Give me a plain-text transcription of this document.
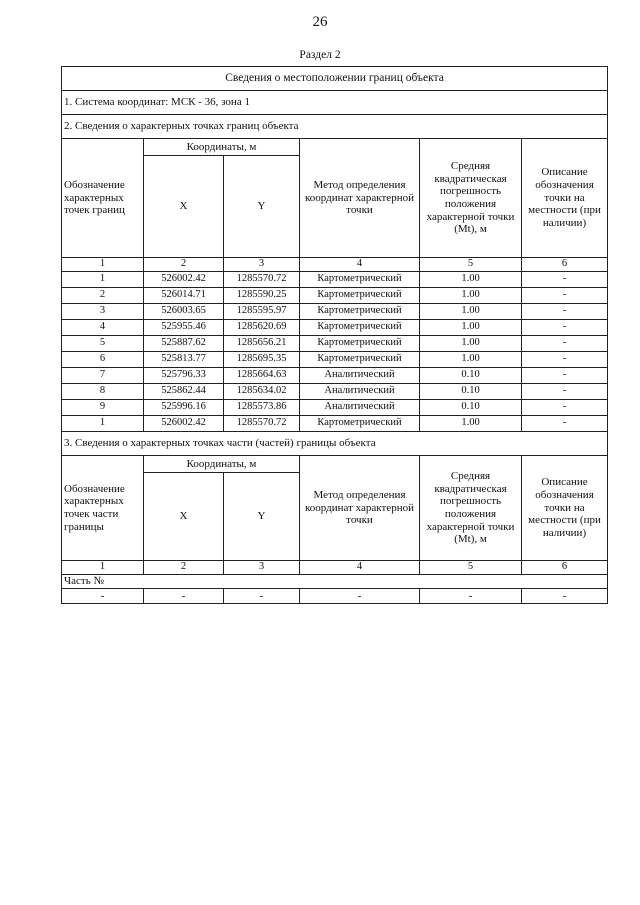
26
Раздел 2
Сведения о местоположении границ объекта					
1. Система координат: МСК - 36, зона 1					
2. Сведения о характерных точках границ объекта					
Обозначение характерных точек границ	Координаты, м		Метод определения координат характерной точки	Средняя квадратическая погрешность положения характерной точки (Mt), м	Описание обозначения точки на местности (при наличии)
	X	Y			
1	2	3	4	5	6
1	526002.42	1285570.72	Картометрический	1.00	-
2	526014.71	1285590.25	Картометрический	1.00	-
3	526003.65	1285595.97	Картометрический	1.00	-
4	525955.46	1285620.69	Картометрический	1.00	-
5	525887.62	1285656.21	Картометрический	1.00	-
6	525813.77	1285695.35	Картометрический	1.00	-
7	525796.33	1285664.63	Аналитический	0.10	-
8	525862.44	1285634.02	Аналитический	0.10	-
9	525996.16	1285573.86	Аналитический	0.10	-
1	526002.42	1285570.72	Картометрический	1.00	-
3. Сведения о характерных точках части (частей) границы объекта					
Обозначение характерных точек части границы	Координаты, м		Метод определения координат характерной точки	Средняя квадратическая погрешность положения характерной точки (Mt), м	Описание обозначения точки на местности (при наличии)
	X	Y			
1	2	3	4	5	6
Часть №					
-	-	-	-	-	-
